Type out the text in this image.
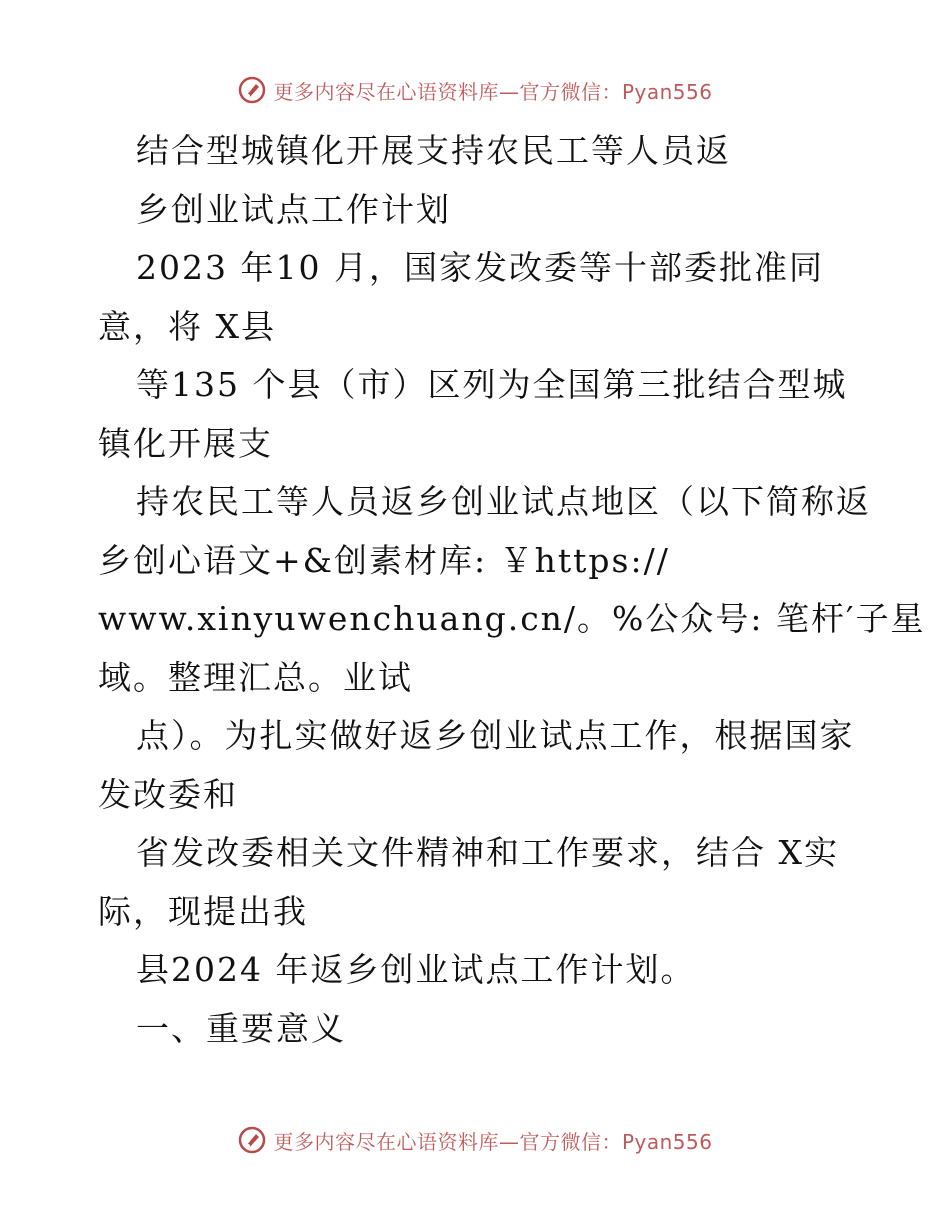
更多内容尽在心语资料库—官方微信：Pyan556
结合型城镇化开展支持农民工等人员返
乡创业试点工作计划
2023 年10 月，国家发改委等十部委批准同
意，将 X县
等135 个县（市）区列为全国第三批结合型城
镇化开展支
持农民工等人员返乡创业试点地区（以下简称返
乡创心语文+&创素材库: ￥https://
www.xinyuwenchuang.cn/。%公众号: 笔杆′子星
域。整理汇总。业试
点）。为扎实做好返乡创业试点工作，根据国家
发改委和
省发改委相关文件精神和工作要求，结合 X实
际，现提出我
县2024 年返乡创业试点工作计划。
一、重要意义
更多内容尽在心语资料库—官方微信：Pyan556
